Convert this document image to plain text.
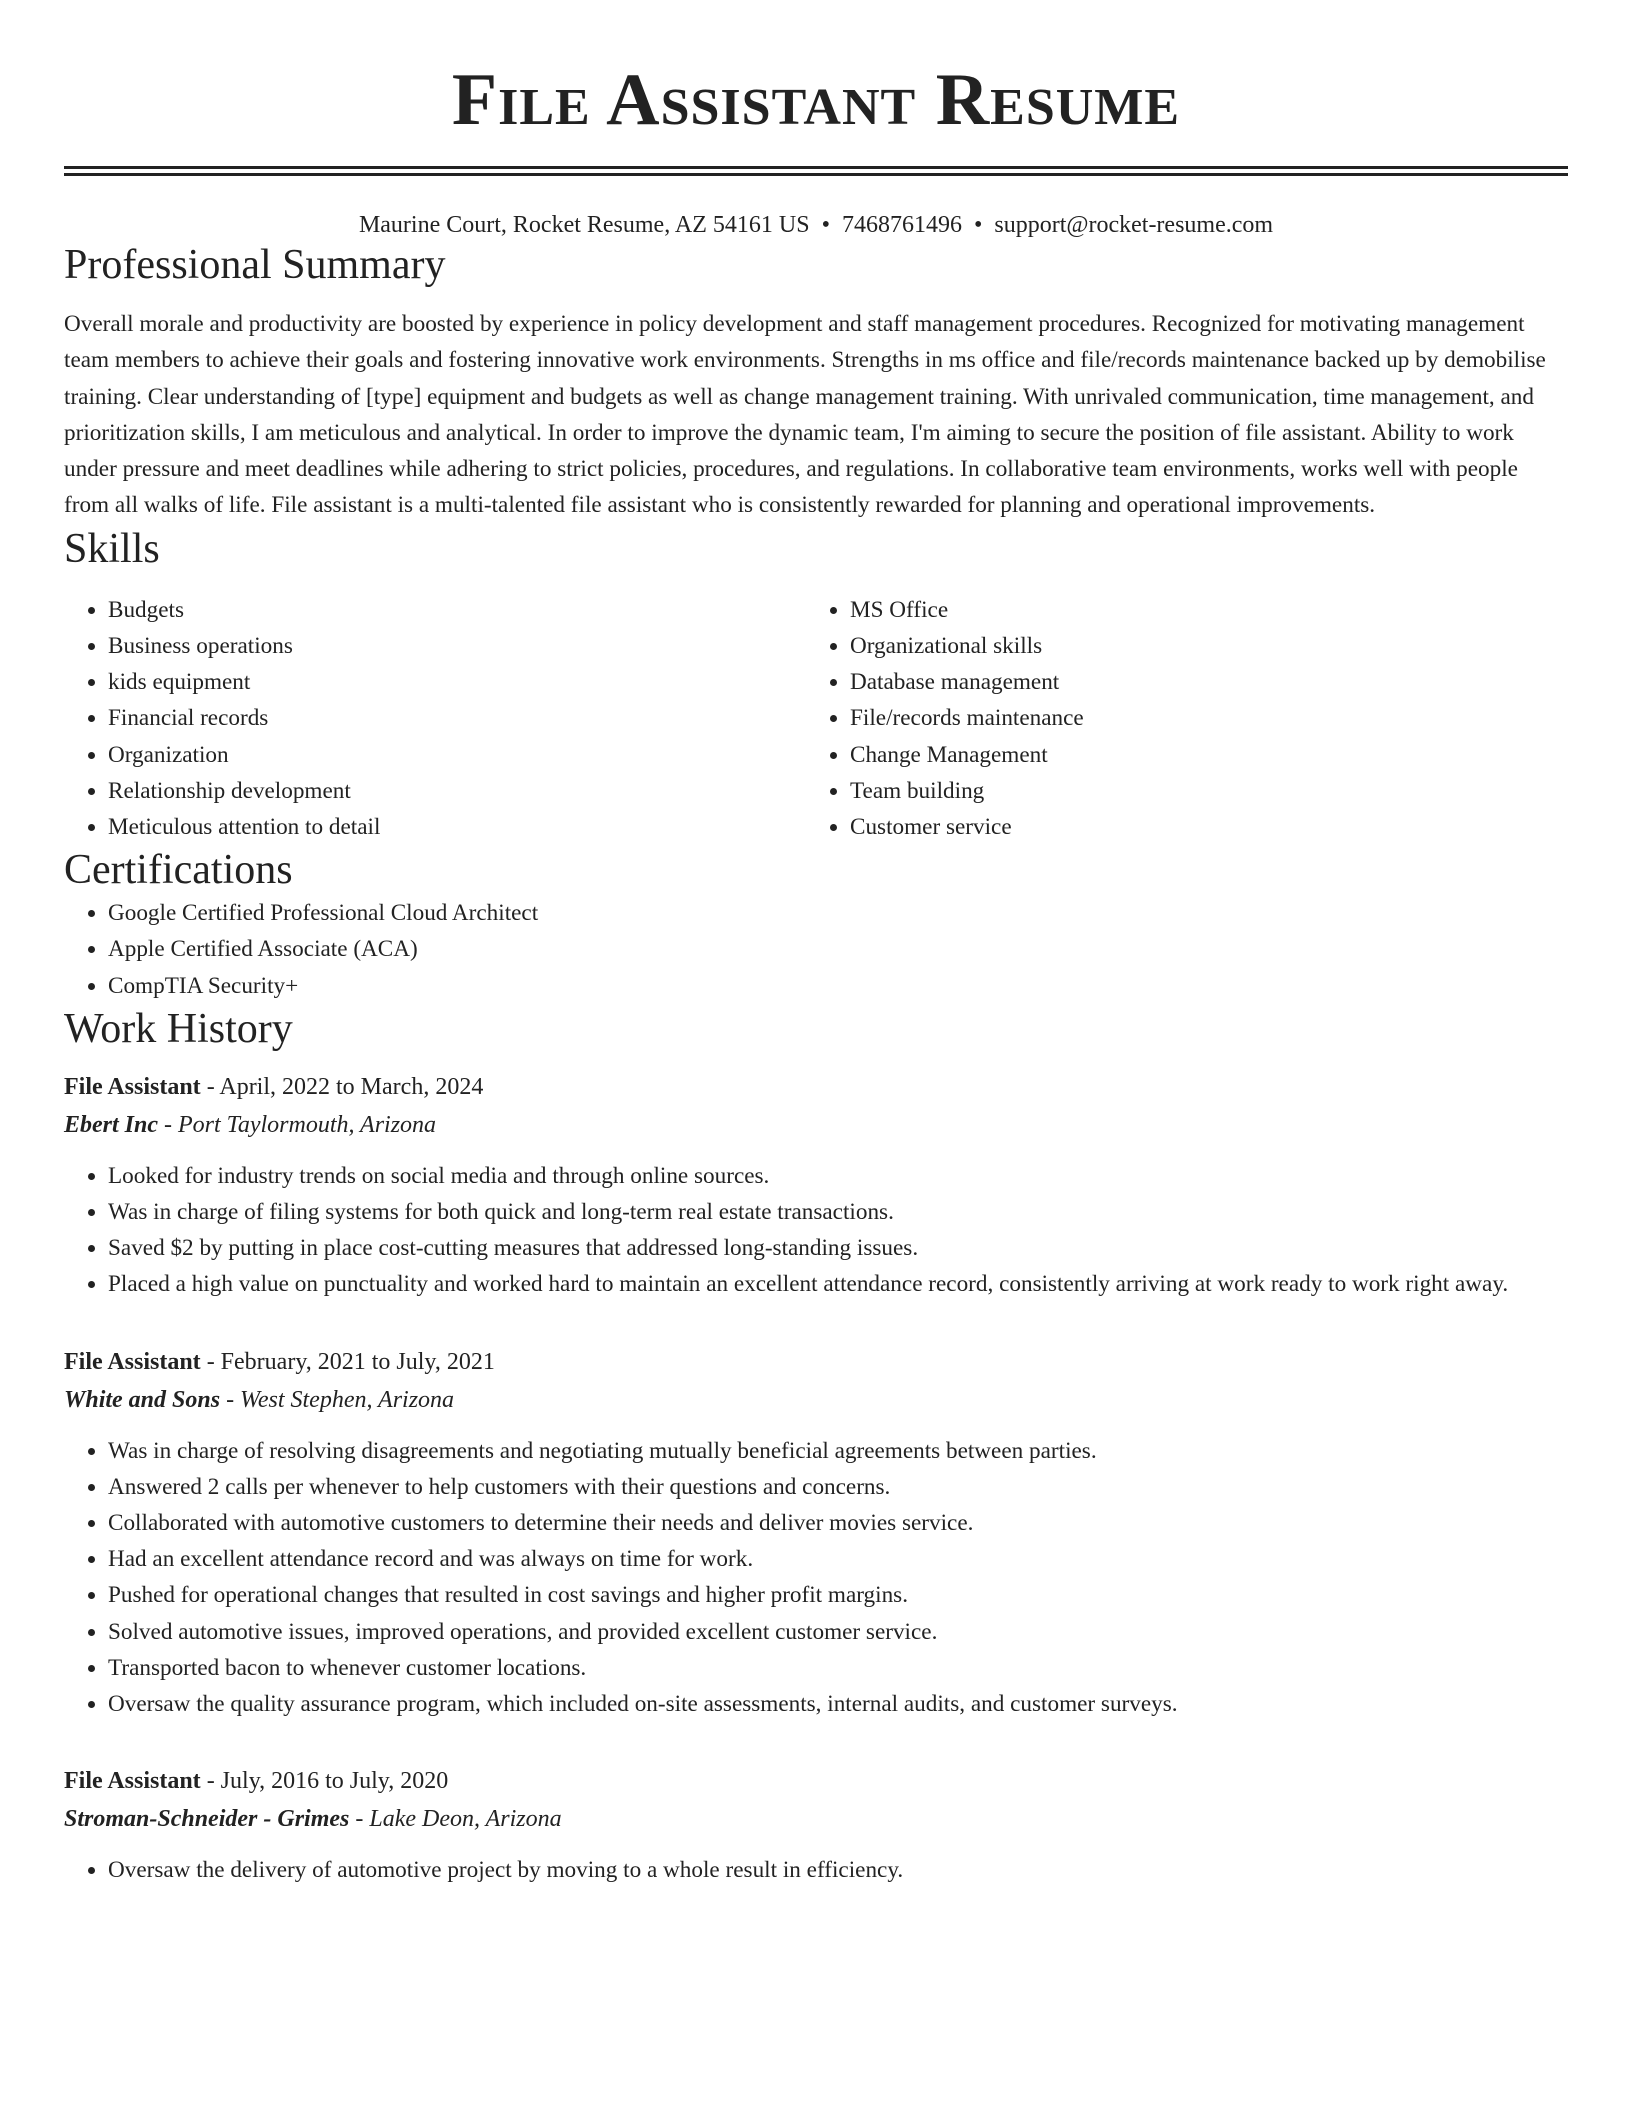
File Assistant Resume
Maurine Court, Rocket Resume, AZ 54161 US • 7468761496 • support@rocket-resume.com
Professional Summary
Overall morale and productivity are boosted by experience in policy development and staff management procedures. Recognized for motivating management team members to achieve their goals and fostering innovative work environments. Strengths in ms office and file/records maintenance backed up by demobilise training. Clear understanding of [type] equipment and budgets as well as change management training. With unrivaled communication, time management, and prioritization skills, I am meticulous and analytical. In order to improve the dynamic team, I'm aiming to secure the position of file assistant. Ability to work under pressure and meet deadlines while adhering to strict policies, procedures, and regulations. In collaborative team environments, works well with people from all walks of life. File assistant is a multi-talented file assistant who is consistently rewarded for planning and operational improvements.
Skills
• Budgets
• Business operations
• kids equipment
• Financial records
• Organization
• Relationship development
• Meticulous attention to detail
• MS Office
• Organizational skills
• Database management
• File/records maintenance
• Change Management
• Team building
• Customer service
Certifications
• Google Certified Professional Cloud Architect
• Apple Certified Associate (ACA)
• CompTIA Security+
Work History
File Assistant - April, 2022 to March, 2024
Ebert Inc - Port Taylormouth, Arizona
• Looked for industry trends on social media and through online sources.
• Was in charge of filing systems for both quick and long-term real estate transactions.
• Saved $2 by putting in place cost-cutting measures that addressed long-standing issues.
• Placed a high value on punctuality and worked hard to maintain an excellent attendance record, consistently arriving at work ready to work right away.
File Assistant - February, 2021 to July, 2021
White and Sons - West Stephen, Arizona
• Was in charge of resolving disagreements and negotiating mutually beneficial agreements between parties.
• Answered 2 calls per whenever to help customers with their questions and concerns.
• Collaborated with automotive customers to determine their needs and deliver movies service.
• Had an excellent attendance record and was always on time for work.
• Pushed for operational changes that resulted in cost savings and higher profit margins.
• Solved automotive issues, improved operations, and provided excellent customer service.
• Transported bacon to whenever customer locations.
• Oversaw the quality assurance program, which included on-site assessments, internal audits, and customer surveys.
File Assistant - July, 2016 to July, 2020
Stroman-Schneider - Grimes - Lake Deon, Arizona
• Oversaw the delivery of automotive project by moving to a whole result in efficiency.
